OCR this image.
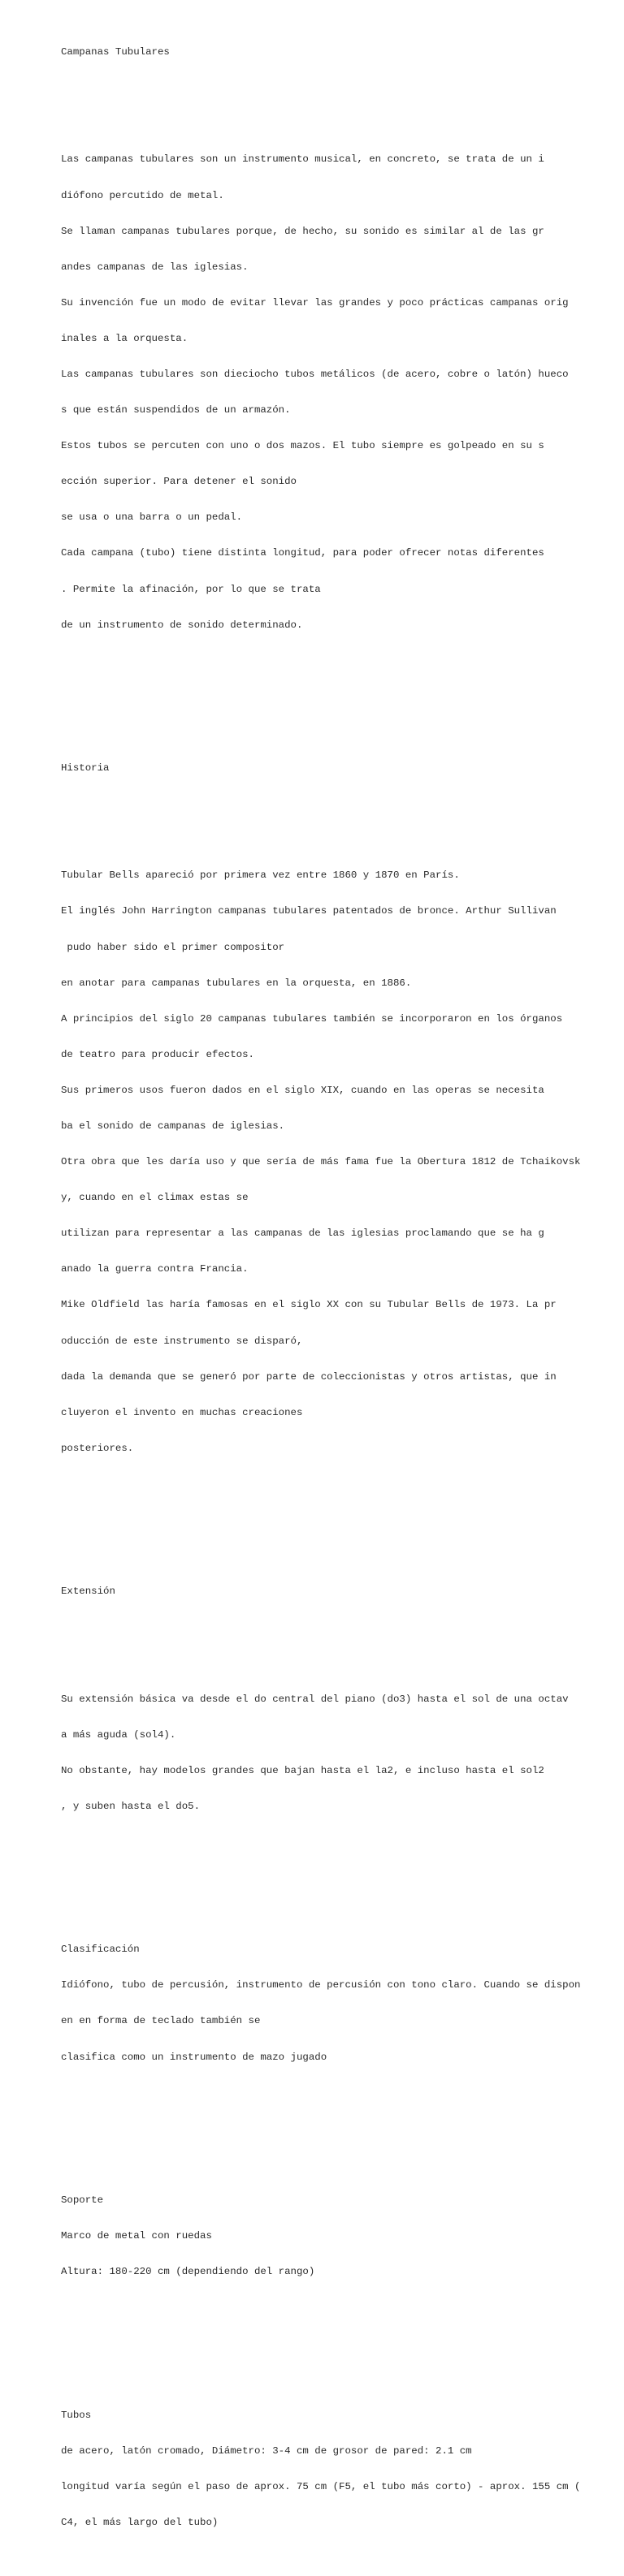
Campanas Tubulares

Las campanas tubulares son un instrumento musical, en concreto, se trata de un i

diófono percutido de metal.

Se llaman campanas tubulares porque, de hecho, su sonido es similar al de las gr

andes campanas de las iglesias.

Su invención fue un modo de evitar llevar las grandes y poco prácticas campanas orig

inales a la orquesta.

Las campanas tubulares son dieciocho tubos metálicos (de acero, cobre o latón) hueco

s que están suspendidos de un armazón.

Estos tubos se percuten con uno o dos mazos. El tubo siempre es golpeado en su s

ección superior. Para detener el sonido

se usa o una barra o un pedal.

Cada campana (tubo) tiene distinta longitud, para poder ofrecer notas diferentes

. Permite la afinación, por lo que se trata

de un instrumento de sonido determinado.

Historia

Tubular Bells apareció por primera vez entre 1860 y 1870 en París.

El inglés John Harrington campanas tubulares patentados de bronce. Arthur Sullivan

pudo haber sido el primer compositor

en anotar para campanas tubulares en la orquesta, en 1886.

A principios del siglo 20 campanas tubulares también se incorporaron en los órganos

de teatro para producir efectos.

Sus primeros usos fueron dados en el siglo XIX, cuando en las operas se necesita

ba el sonido de campanas de iglesias.

Otra obra que les daría uso y que sería de más fama fue la Obertura 1812 de Tchaikovsk

y, cuando en el climax estas se

utilizan para representar a las campanas de las iglesias proclamando que se ha g

anado la guerra contra Francia.

Mike Oldfield las haría famosas en el siglo XX con su Tubular Bells de 1973. La pr

oducción de este instrumento se disparó,

dada la demanda que se generó por parte de coleccionistas y otros artistas, que in

cluyeron el invento en muchas creaciones

posteriores.

Extensión

Su extensión básica va desde el do central del piano (do3) hasta el sol de una octav

a más aguda (sol4).

No obstante, hay modelos grandes que bajan hasta el la2, e incluso hasta el sol2

, y suben hasta el do5.

Clasificación

Idiófono, tubo de percusión, instrumento de percusión con tono claro. Cuando se dispon

en en forma de teclado también se

clasifica como un instrumento de mazo jugado

Soporte

Marco de metal con ruedas

Altura: 180-220 cm (dependiendo del rango)

Tubos

de acero, latón cromado, Diámetro: 3-4 cm de grosor de pared: 2.1 cm

longitud varía según el paso de aprox. 75 cm (F5, el tubo más corto) - aprox. 155 cm (

C4, el más largo del tubo)
